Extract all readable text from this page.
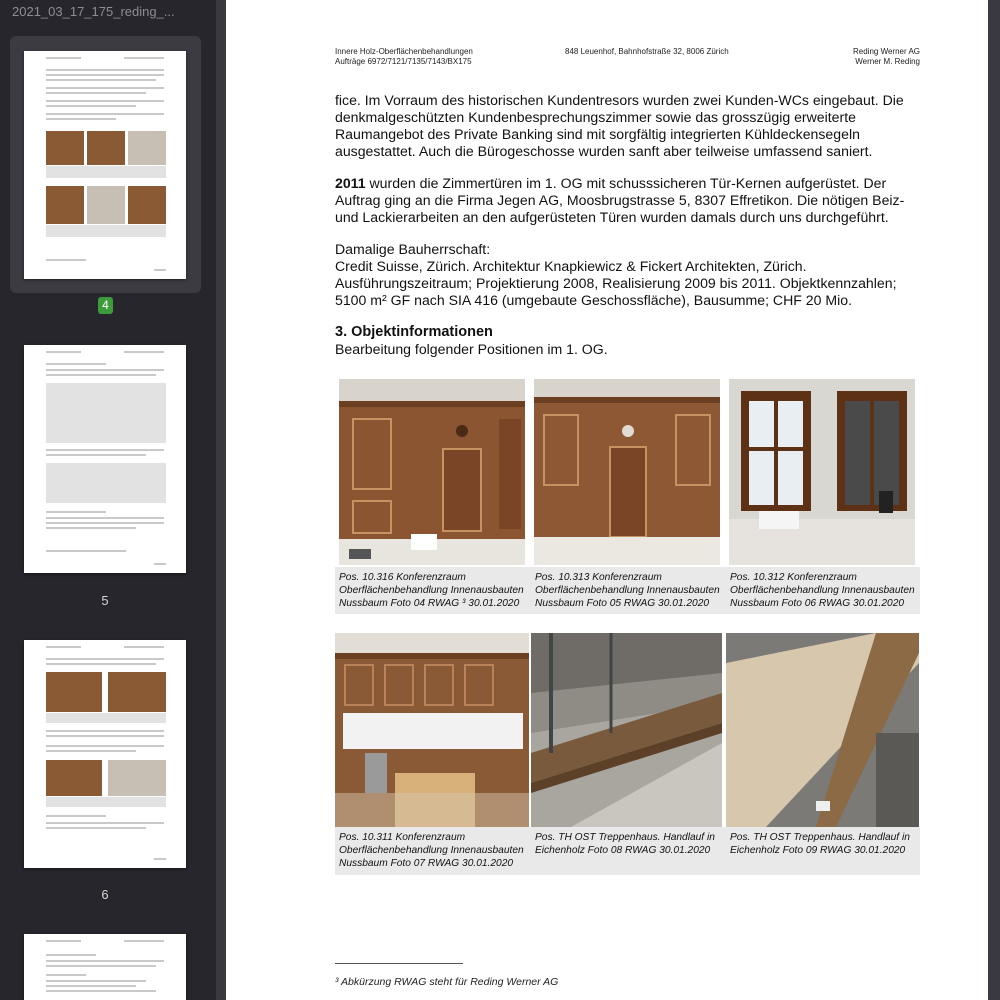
2021_03_17_175_reding_...
4
5
6
Innere Holz-Oberflächenbehandlungen
Aufträge 6972/7121/7135/7143/BX175
848 Leuenhof, Bahnhofstraße 32, 8006 Zürich	Reding Werner AG
Werner M. Reding

fice. Im Vorraum des historischen Kundentresors wurden zwei Kunden-WCs eingebaut. Die denkmalgeschützten Kundenbesprechungszimmer sowie das grosszügig erweiterte Raumangebot des Private Banking sind mit sorgfältig integrierten Kühldeckensegeln ausgestattet. Auch die Bürogeschosse wurden sanft aber teilweise umfassend saniert.

2011 wurden die Zimmertüren im 1. OG mit schusssicheren Tür-Kernen aufgerüstet. Der Auftrag ging an die Firma Jegen AG, Moosbrugstrasse 5, 8307 Effretikon. Die nötigen Beiz- und Lackierarbeiten an den aufgerüsteten Türen wurden damals durch uns durchgeführt.

Damalige Bauherrschaft:
Credit Suisse, Zürich. Architektur Knapkiewicz & Fickert Architekten, Zürich. Ausführungszeitraum; Projektierung 2008, Realisierung 2009 bis 2011. Objektkennzahlen; 5100 m² GF nach SIA 416 (umgebaute Geschossfläche), Bausumme; CHF 20 Mio.

3. Objektinformationen
Bearbeitung folgender Positionen im 1. OG.
Pos. 10.316 Konferenzraum Oberflächenbehandlung Innenausbauten Nussbaum Foto 04 RWAG ³ 30.01.2020
Pos. 10.313 Konferenzraum Oberflächenbehandlung Innenausbauten Nussbaum Foto 05 RWAG 30.01.2020
Pos. 10.312 Konferenzraum Oberflächenbehandlung Innenausbauten Nussbaum Foto 06 RWAG 30.01.2020
Pos. 10.311 Konferenzraum Oberflächenbehandlung Innenausbauten Nussbaum Foto 07 RWAG 30.01.2020
Pos. TH OST Treppenhaus. Handlauf in Eichenholz Foto 08 RWAG 30.01.2020
Pos. TH OST Treppenhaus. Handlauf in Eichenholz Foto 09 RWAG 30.01.2020
³ Abkürzung RWAG steht für Reding Werner AG
